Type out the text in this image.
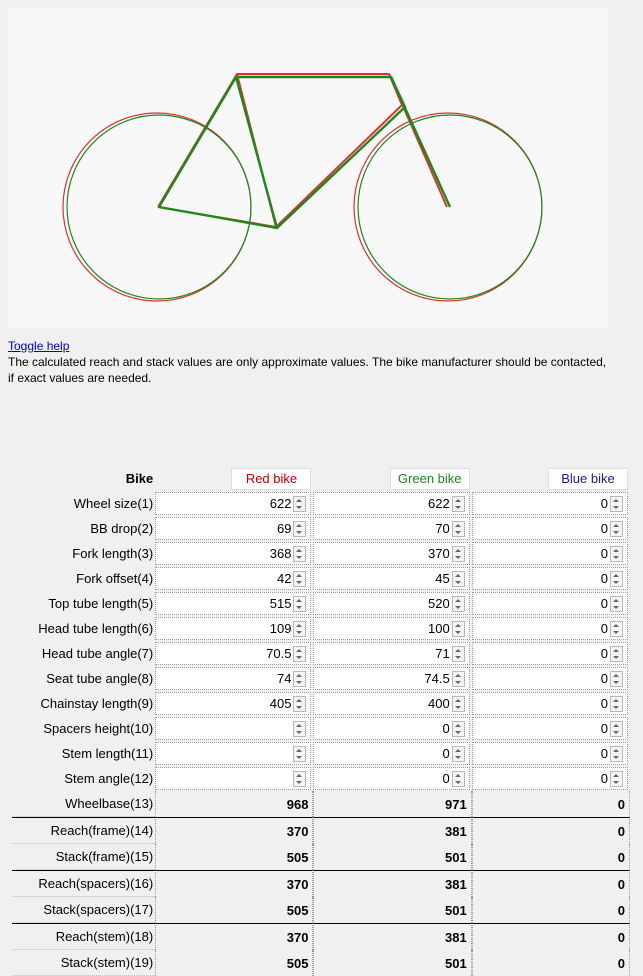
Toggle help
The calculated reach and stack values are only approximate values. The bike manufacturer should be contacted, if exact values are needed.
Bike	Red bike	Green bike	Blue bike

Wheel size(1)	622	622	0

BB drop(2)	69	70	0

Fork length(3)	368	370	0

Fork offset(4)	42	45	0

Top tube length(5)	515	520	0

Head tube length(6)	109	100	0

Head tube angle(7)	70.5	71	0

Seat tube angle(8)	74	74.5	0

Chainstay length(9)	405	400	0

Spacers height(10)		0	0

Stem length(11)		0	0

Stem angle(12)		0	0

Wheelbase(13)	968	971	0
Reach(frame)(14)	370	381	0
Stack(frame)(15)	505	501	0
Reach(spacers)(16)	370	381	0
Stack(spacers)(17)	505	501	0
Reach(stem)(18)	370	381	0
Stack(stem)(19)	505	501	0
